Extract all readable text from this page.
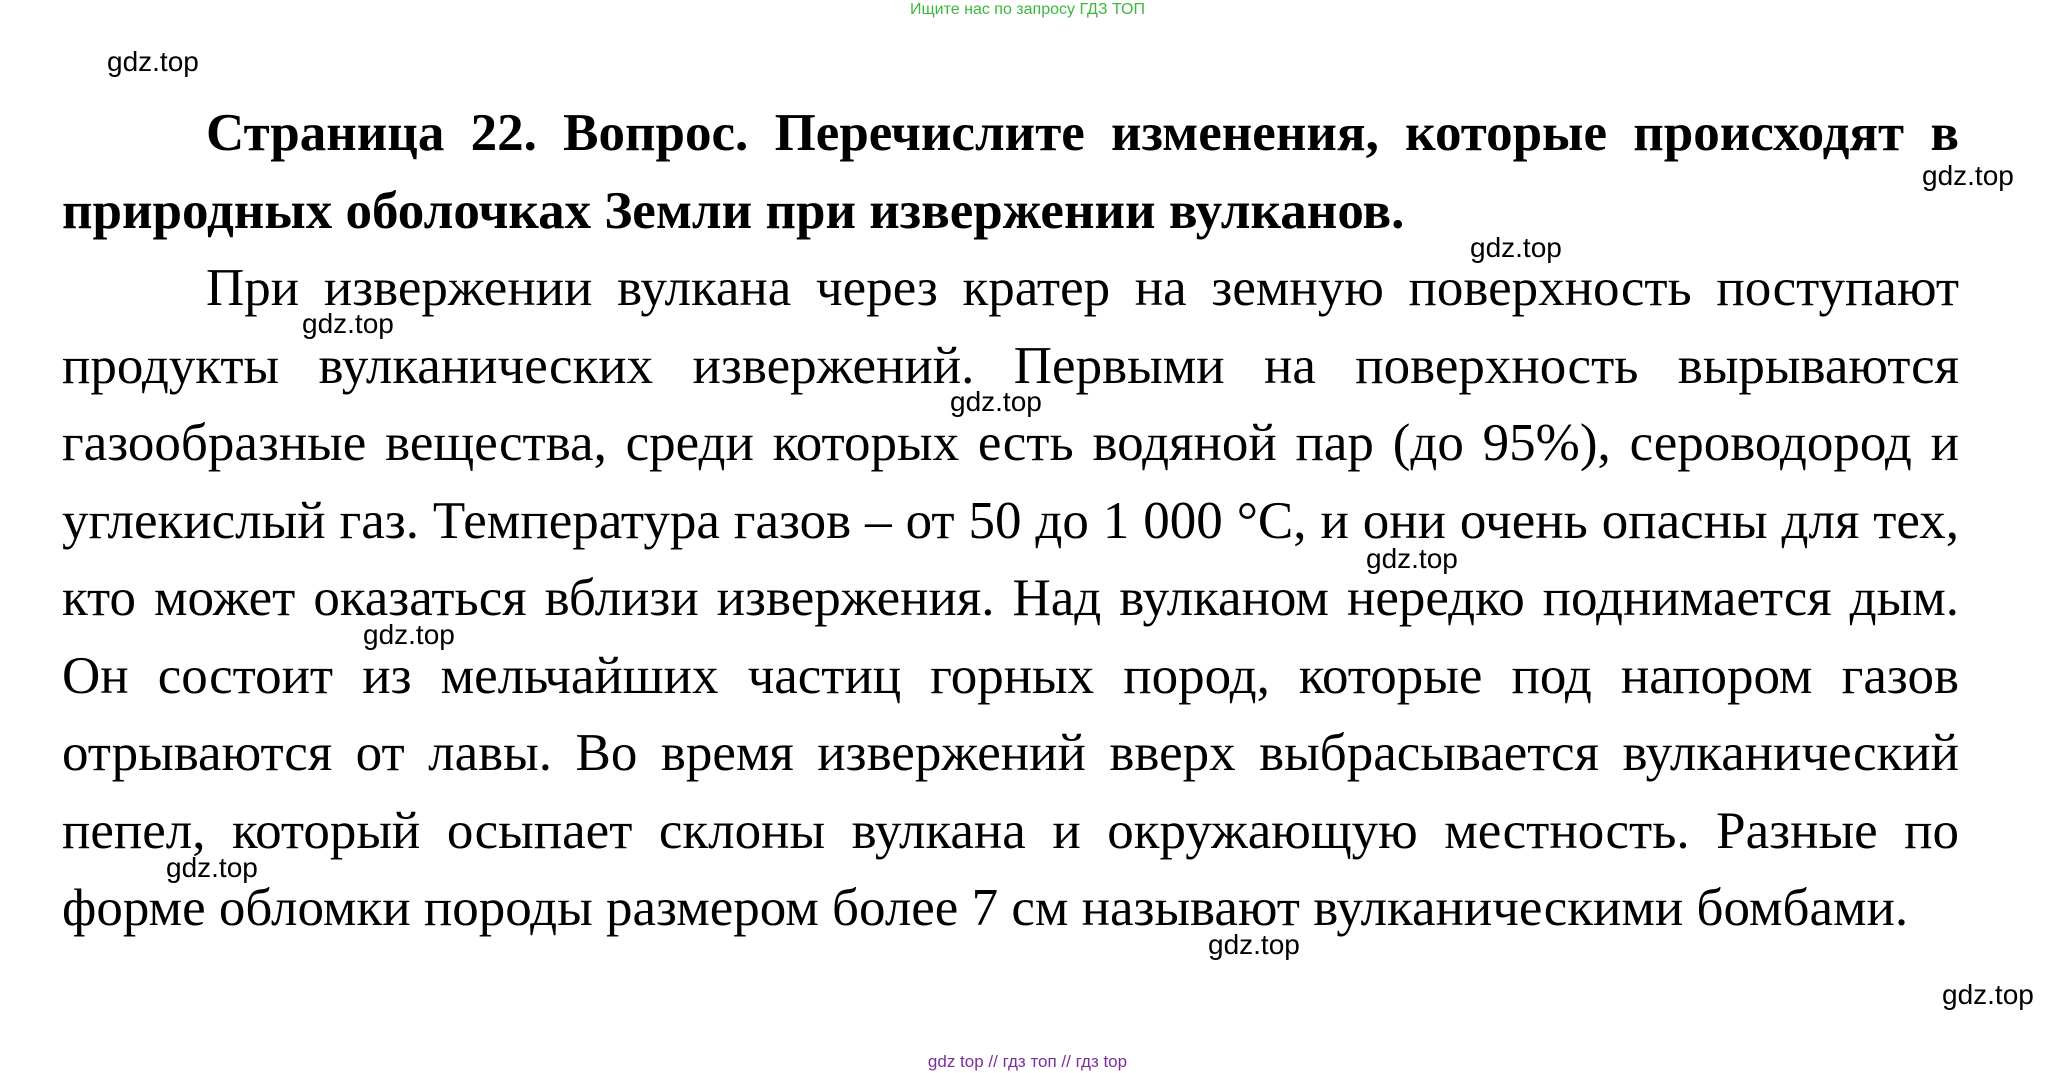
Ищите нас по запросу ГДЗ ТОП

Страница 22. Вопрос. Перечислите изменения, которые происходят в природных оболочках Земли при извержении вулканов.

При извержении вулкана через кратер на земную поверхность поступают продукты вулканических извержений. Первыми на поверхность вырываются газообразные вещества, среди которых есть водяной пар (до 95%), сероводород и углекислый газ. Температура газов – от 50 до 1 000 °С, и они очень опасны для тех, кто может оказаться вблизи извержения. Над вулканом нередко поднимается дым. Он состоит из мельчайших частиц горных пород, которые под напором газов отрываются от лавы. Во время извержений вверх выбрасывается вулканический пепел, который осыпает склоны вулкана и окружающую местность. Разные по форме обломки породы размером более 7 см называют вулканическими бомбами.

gdz.top
gdz.top
gdz.top
gdz.top
gdz.top
gdz.top
gdz.top
gdz.top
gdz.top
gdz.top
gdz top // гдз топ // гдз top
